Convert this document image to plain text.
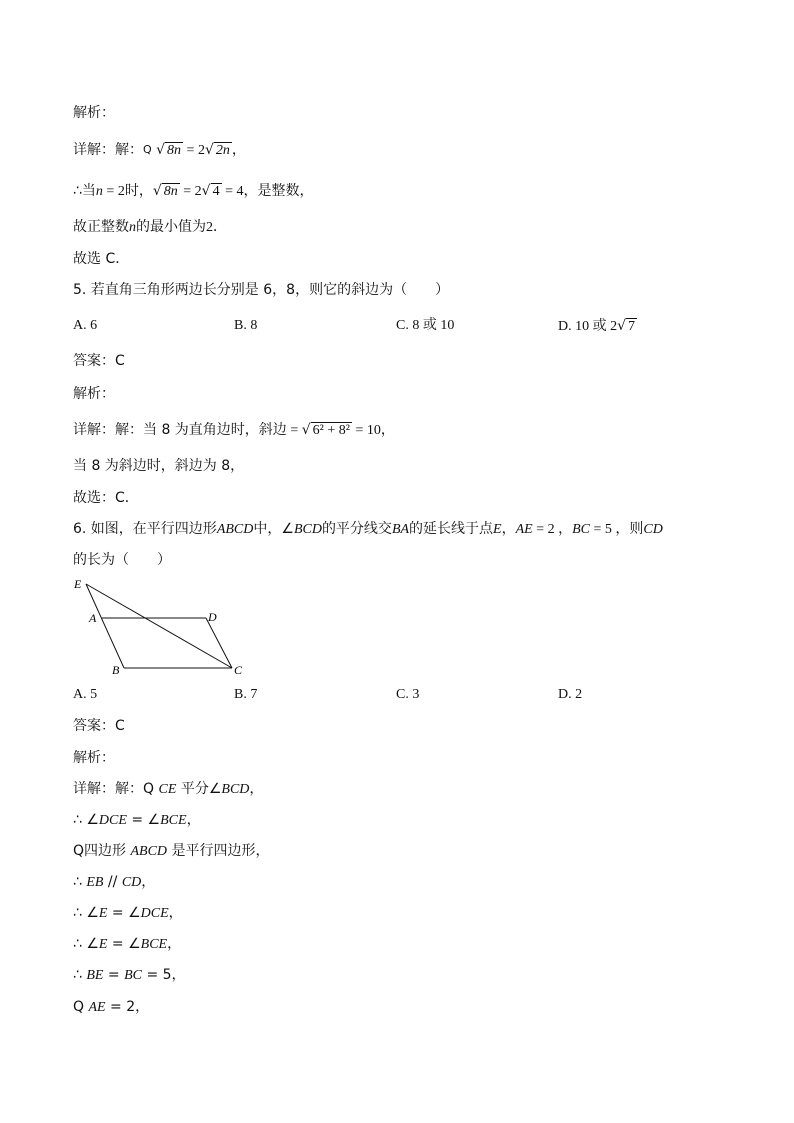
解析：
详解：解：$^Q$ √ 8n = 2√ 2n ，
∴当n = 2时，√ 8n = 2√ 4 = 4，是整数，
故正整数n的最小值为2．
故选 C．
5. 若直角三角形两边长分别是 6，8，则它的斜边为（　　）
A. 6	B. 8	C. 8 或 10	D. 10 或 2√ 7
答案：C
解析：
详解：解：当 8 为直角边时，斜边 = √ 6² + 8² = 10，
当 8 为斜边时，斜边为 8，
故选：C．
6. 如图，在平行四边形ABCD中，∠BCD的平分线交BA的延长线于点E，AE = 2 ，BC = 5 ，则CD
的长为（　　）
E
A	D
B	C
A. 5	B. 7	C. 3	D. 2
答案：C
解析：
详解：解：Q CE 平分∠BCD，
∴ ∠DCE = ∠BCE，
Q四边形 ABCD 是平行四边形，
∴ EB // CD，
∴ ∠E = ∠DCE，
∴ ∠E = ∠BCE，
∴ BE = BC = 5，
Q AE = 2，
